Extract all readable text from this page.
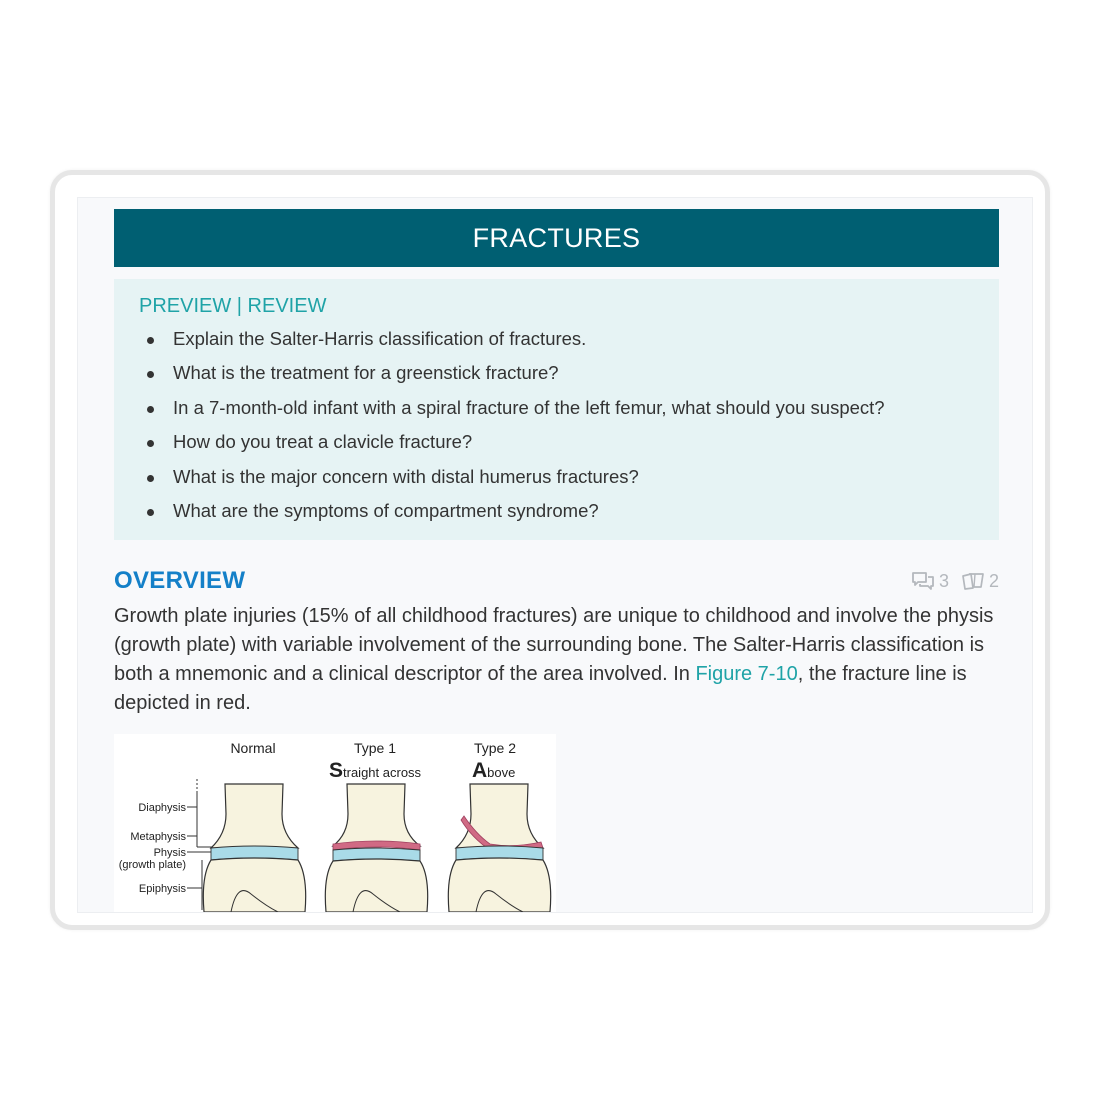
FRACTURES
PREVIEW | REVIEW
Explain the Salter-Harris classification of fractures.
What is the treatment for a greenstick fracture?
In a 7-month-old infant with a spiral fracture of the left femur, what should you suspect?
How do you treat a clavicle fracture?
What is the major concern with distal humerus fractures?
What are the symptoms of compartment syndrome?
OVERVIEW	3 2

Growth plate injuries (15% of all childhood fractures) are unique to childhood and involve the physis (growth plate) with variable involvement of the surrounding bone. The Salter-Harris classification is both a mnemonic and a clinical descriptor of the area involved. In Figure 7-10, the fracture line is depicted in red.

Normal	Type 1	Type 2
Straight across Above
Diaphysis
Metaphysis
Physis
(growth plate)
Epiphysis
